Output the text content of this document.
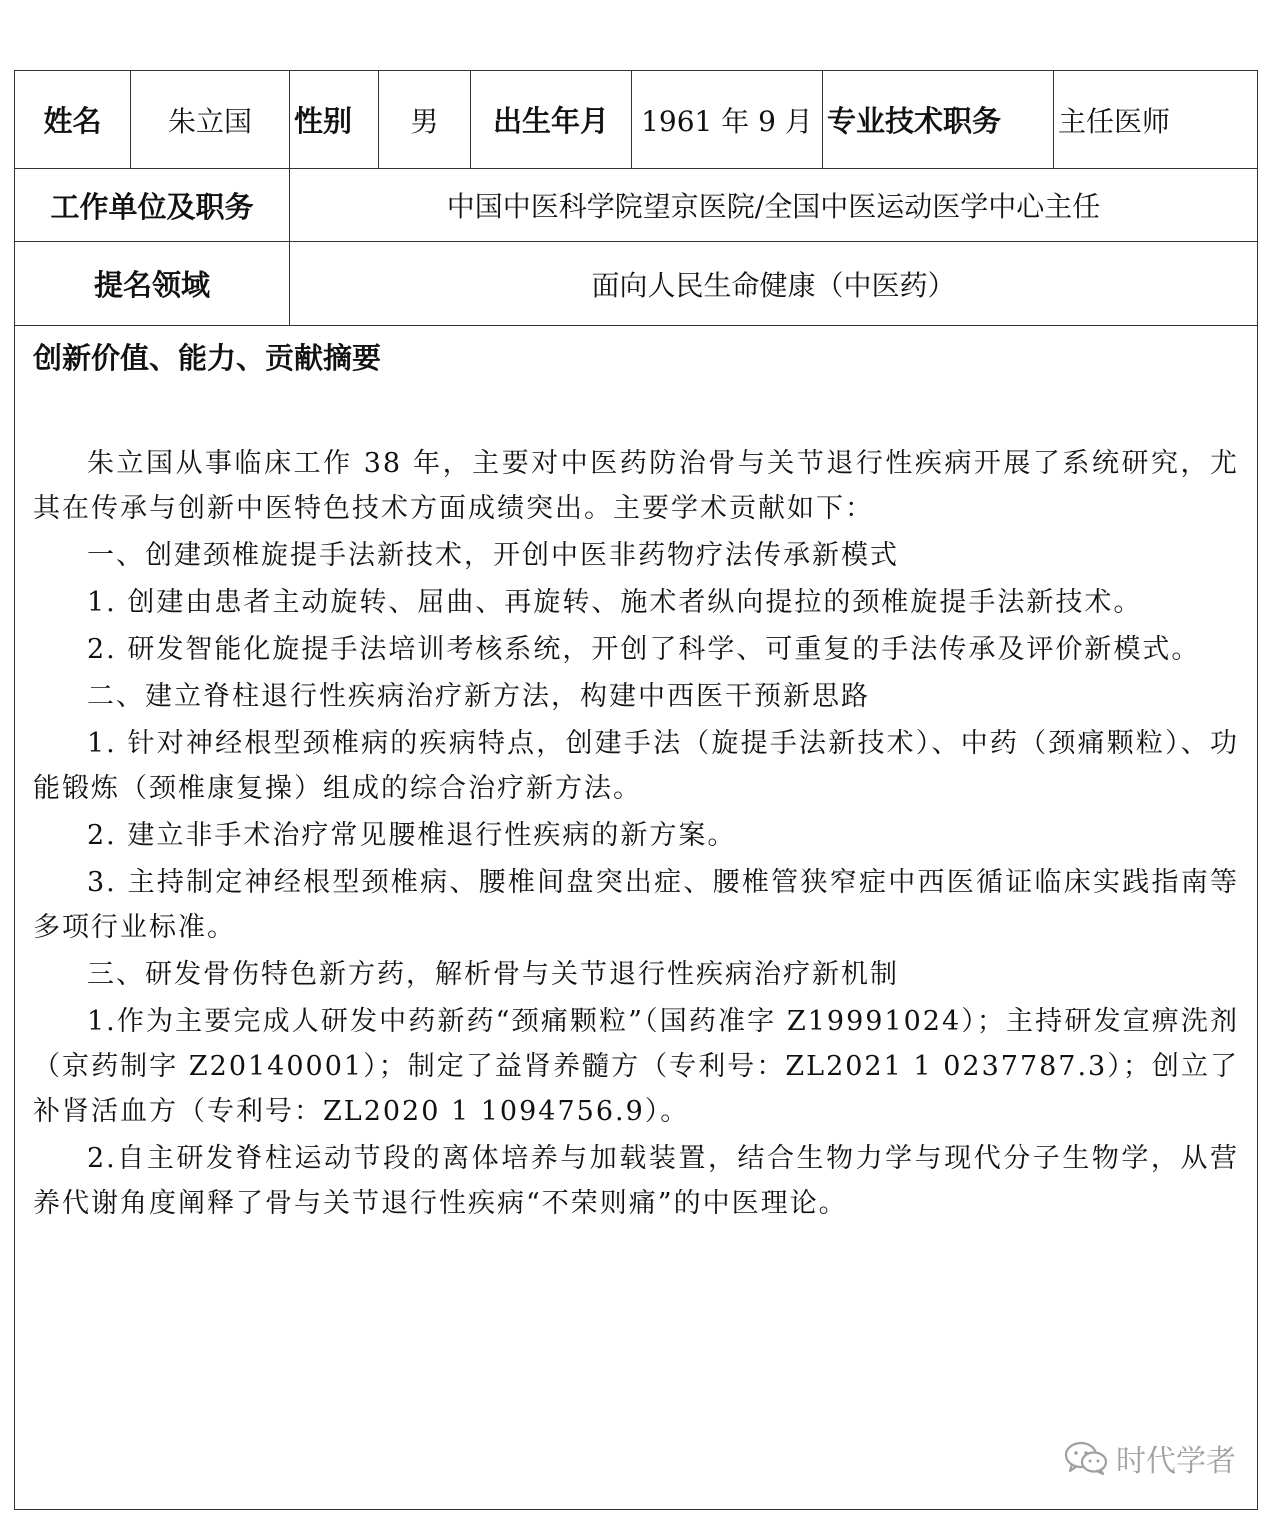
姓名	朱立国	性别	男	出生年月	1961 年 9 月 专业技术职务	主任医师
工作单位及职务	中国中医科学院望京医院/全国中医运动医学中心主任
提名领域	面向人民生命健康（中医药）
创新价值、能力、贡献摘要

朱立国从事临床工作 38 年，主要对中医药防治骨与关节退行性疾病开展了系统研究，尤其在传承与创新中医特色技术方面成绩突出。主要学术贡献如下：

一、创建颈椎旋提手法新技术，开创中医非药物疗法传承新模式

1. 创建由患者主动旋转、屈曲、再旋转、施术者纵向提拉的颈椎旋提手法新技术。

2. 研发智能化旋提手法培训考核系统，开创了科学、可重复的手法传承及评价新模式。

二、建立脊柱退行性疾病治疗新方法，构建中西医干预新思路

1. 针对神经根型颈椎病的疾病特点，创建手法（旋提手法新技术）、中药（颈痛颗粒）、功能锻炼（颈椎康复操）组成的综合治疗新方法。

2. 建立非手术治疗常见腰椎退行性疾病的新方案。

3. 主持制定神经根型颈椎病、腰椎间盘突出症、腰椎管狭窄症中西医循证临床实践指南等多项行业标准。

三、研发骨伤特色新方药，解析骨与关节退行性疾病治疗新机制

1.作为主要完成人研发中药新药“颈痛颗粒”（国药准字 Z19991024）；主持研发宣痹洗剂（京药制字 Z20140001）；制定了益肾养髓方（专利号：ZL2021 1 0237787.3）；创立了补肾活血方（专利号：ZL2020 1 1094756.9）。

2.自主研发脊柱运动节段的离体培养与加载装置，结合生物力学与现代分子生物学，从营养代谢角度阐释了骨与关节退行性疾病“不荣则痛”的中医理论。

时代学者
